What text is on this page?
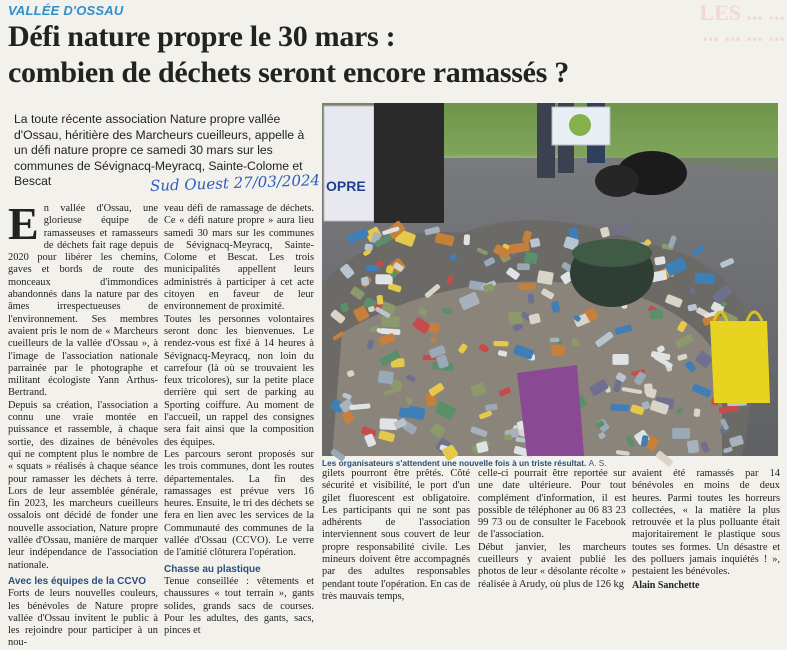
LES ... ... ... ... ... ...
VALLÉE D'OSSAU
Défi nature propre le 30 mars :
combien de déchets seront encore ramassés ?
La toute récente association Nature propre vallée d'Ossau, héritière des Marcheurs cueilleurs, appelle à un défi nature propre ce samedi 30 mars sur les communes de Sévignacq-Meyracq, Sainte-Colome et Bescat	Sud Ouest 27/03/2024
E n vallée d'Ossau, une glorieuse équipe de ramasseuses et ramasseurs de déchets fait rage depuis 2020 pour libérer les chemins, gaves et bords de route des monceaux d'immondices abandonnés dans la nature par des âmes irrespectueuses de l'environnement. Ses membres avaient pris le nom de « Marcheurs cueilleurs de la vallée d'Ossau », à l'image de l'association nationale parrainée par le photographe et militant écologiste Yann Arthus-Bertrand.

Depuis sa création, l'association a connu une vraie montée en puissance et rassemble, à chaque sortie, des dizaines de bénévoles qui ne comptent plus le nombre de « squats » réalisés à chaque séance pour ramasser les déchets à terre. Lors de leur assemblée générale, fin 2023, les marcheurs cueilleurs ossalois ont décidé de fonder une nouvelle association, Nature propre vallée d'Ossau, manière de marquer leur indépendance de l'association nationale.

Avec les équipes de la CCVO

Forts de leurs nouvelles couleurs, les bénévoles de Nature propre vallée d'Ossau invitent le public à les rejoindre pour participer à un nou-

veau défi de ramassage de déchets. Ce « défi nature propre » aura lieu samedi 30 mars sur les communes de Sévignacq-Meyracq, Sainte-Colome et Bescat. Les trois municipalités appellent leurs administrés à participer à cet acte citoyen en faveur de leur environnement de proximité.

Toutes les personnes volontaires seront donc les bienvenues. Le rendez-vous est fixé à 14 heures à Sévignacq-Meyracq, non loin du carrefour (là où se trouvaient les feux tricolores), sur la petite place derrière qui sert de parking au Sporting coiffure. Au moment de l'accueil, un rappel des consignes sera fait ainsi que la composition des équipes.

Les parcours seront proposés sur les trois communes, dont les routes départementales. La fin des ramassages est prévue vers 16 heures. Ensuite, le tri des déchets se fera en lien avec les services de la Communauté des communes de la vallée d'Ossau (CCVO). Le verre de l'amitié clôturera l'opération.

Chasse au plastique

Tenue conseillée : vêtements et chaussures « tout terrain », gants solides, grands sacs de courses. Pour les adultes, des gants, sacs, pinces et

OPRE
Les organisateurs s'attendent une nouvelle fois à un triste résultat. A. S.

gilets pourront être prêtés. Côté sécurité et visibilité, le port d'un gilet fluorescent est obligatoire. Les participants qui ne sont pas adhérents de l'association interviennent sous couvert de leur propre responsabilité civile. Les mineurs doivent être accompagnés par des adultes responsables pendant toute l'opération. En cas de très mauvais temps,

celle-ci pourrait être reportée sur une date ultérieure. Pour tout complément d'information, il est possible de téléphoner au 06 83 23 99 73 ou de consulter le Facebook de l'association.

Début janvier, les marcheurs cueilleurs y avaient publié les photos de leur « désolante récolte » réalisée à Arudy, où plus de 126 kg

avaient été ramassés par 14 bénévoles en moins de deux heures. Parmi toutes les horreurs collectées, « la matière la plus retrouvée et la plus polluante était majoritairement le plastique sous toutes ses formes. Un désastre et des polluers jamais inquiétés ! », pestaient les bénévoles.

Alain Sanchette
